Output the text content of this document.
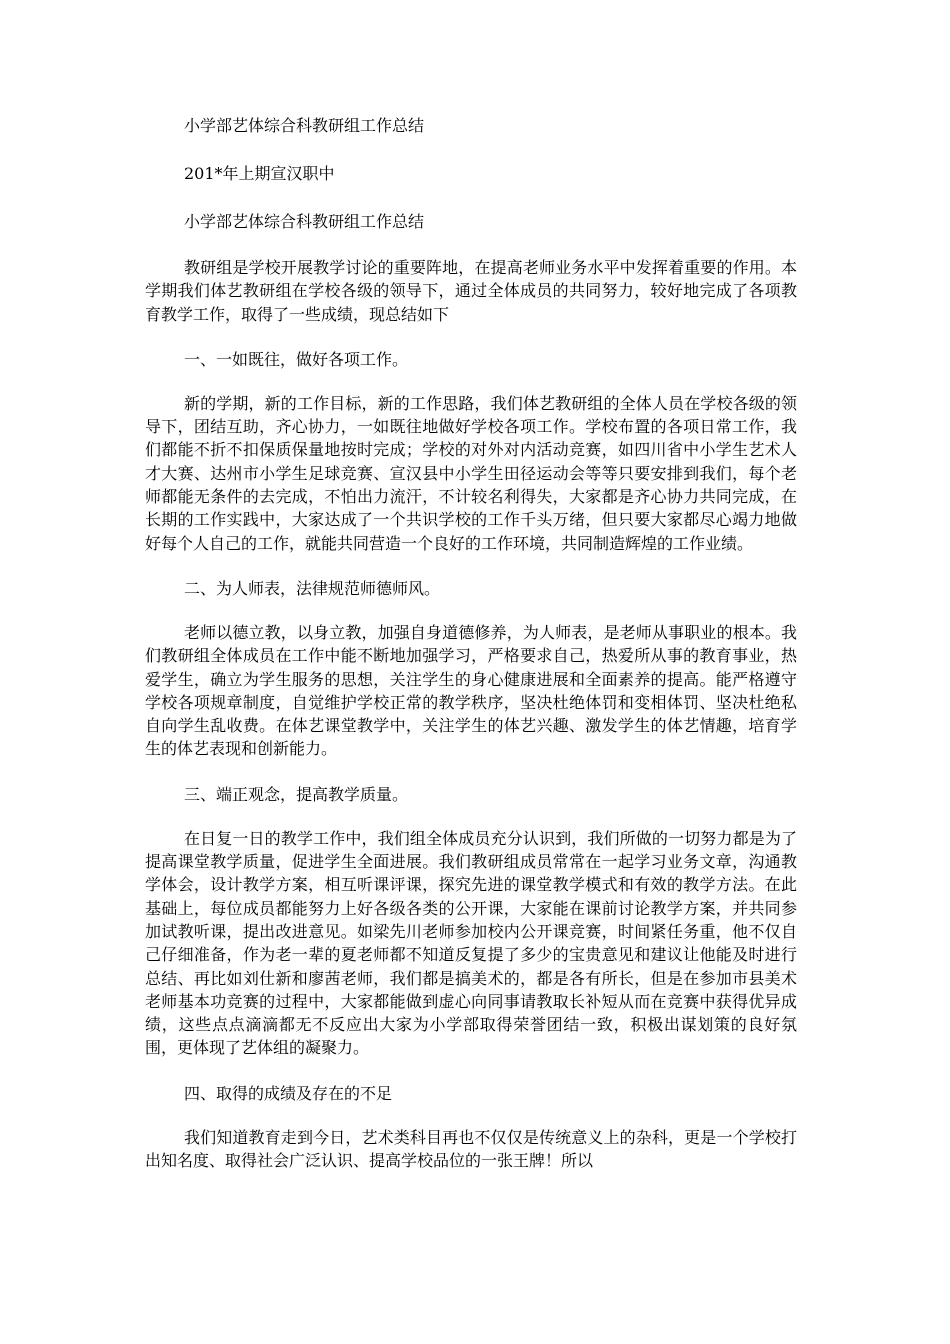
小学部艺体综合科教研组工作总结

201*年上期宣汉职中

小学部艺体综合科教研组工作总结

教研组是学校开展教学讨论的重要阵地，在提高老师业务水平中发挥着重要的作用。本学期我们体艺教研组在学校各级的领导下，通过全体成员的共同努力，较好地完成了各项教育教学工作，取得了一些成绩，现总结如下

一、一如既往，做好各项工作。

新的学期，新的工作目标，新的工作思路，我们体艺教研组的全体人员在学校各级的领导下，团结互助，齐心协力，一如既往地做好学校各项工作。学校布置的各项日常工作，我们都能不折不扣保质保量地按时完成；学校的对外对内活动竞赛，如四川省中小学生艺术人才大赛、达州市小学生足球竞赛、宣汉县中小学生田径运动会等等只要安排到我们，每个老师都能无条件的去完成，不怕出力流汗，不计较名利得失，大家都是齐心协力共同完成，在长期的工作实践中，大家达成了一个共识学校的工作千头万绪，但只要大家都尽心竭力地做好每个人自己的工作，就能共同营造一个良好的工作环境，共同制造辉煌的工作业绩。

二、为人师表，法律规范师德师风。

老师以德立教，以身立教，加强自身道德修养，为人师表，是老师从事职业的根本。我们教研组全体成员在工作中能不断地加强学习，严格要求自己，热爱所从事的教育事业，热爱学生，确立为学生服务的思想，关注学生的身心健康进展和全面素养的提高。能严格遵守学校各项规章制度，自觉维护学校正常的教学秩序，坚决杜绝体罚和变相体罚、坚决杜绝私自向学生乱收费。在体艺课堂教学中，关注学生的体艺兴趣、激发学生的体艺情趣，培育学生的体艺表现和创新能力。

三、端正观念，提高教学质量。

在日复一日的教学工作中，我们组全体成员充分认识到，我们所做的一切努力都是为了提高课堂教学质量，促进学生全面进展。我们教研组成员常常在一起学习业务文章，沟通教学体会，设计教学方案，相互听课评课，探究先进的课堂教学模式和有效的教学方法。在此基础上，每位成员都能努力上好各级各类的公开课，大家能在课前讨论教学方案，并共同参加试教听课，提出改进意见。如梁先川老师参加校内公开课竞赛，时间紧任务重，他不仅自己仔细准备，作为老一辈的夏老师都不知道反复提了多少的宝贵意见和建议让他能及时进行总结、再比如刘仕新和廖茜老师，我们都是搞美术的，都是各有所长，但是在参加市县美术老师基本功竞赛的过程中，大家都能做到虚心向同事请教取长补短从而在竞赛中获得优异成绩，这些点点滴滴都无不反应出大家为小学部取得荣誉团结一致，积极出谋划策的良好氛围，更体现了艺体组的凝聚力。

四、取得的成绩及存在的不足

我们知道教育走到今日，艺术类科目再也不仅仅是传统意义上的杂科，更是一个学校打出知名度、取得社会广泛认识、提高学校品位的一张王牌！所以
